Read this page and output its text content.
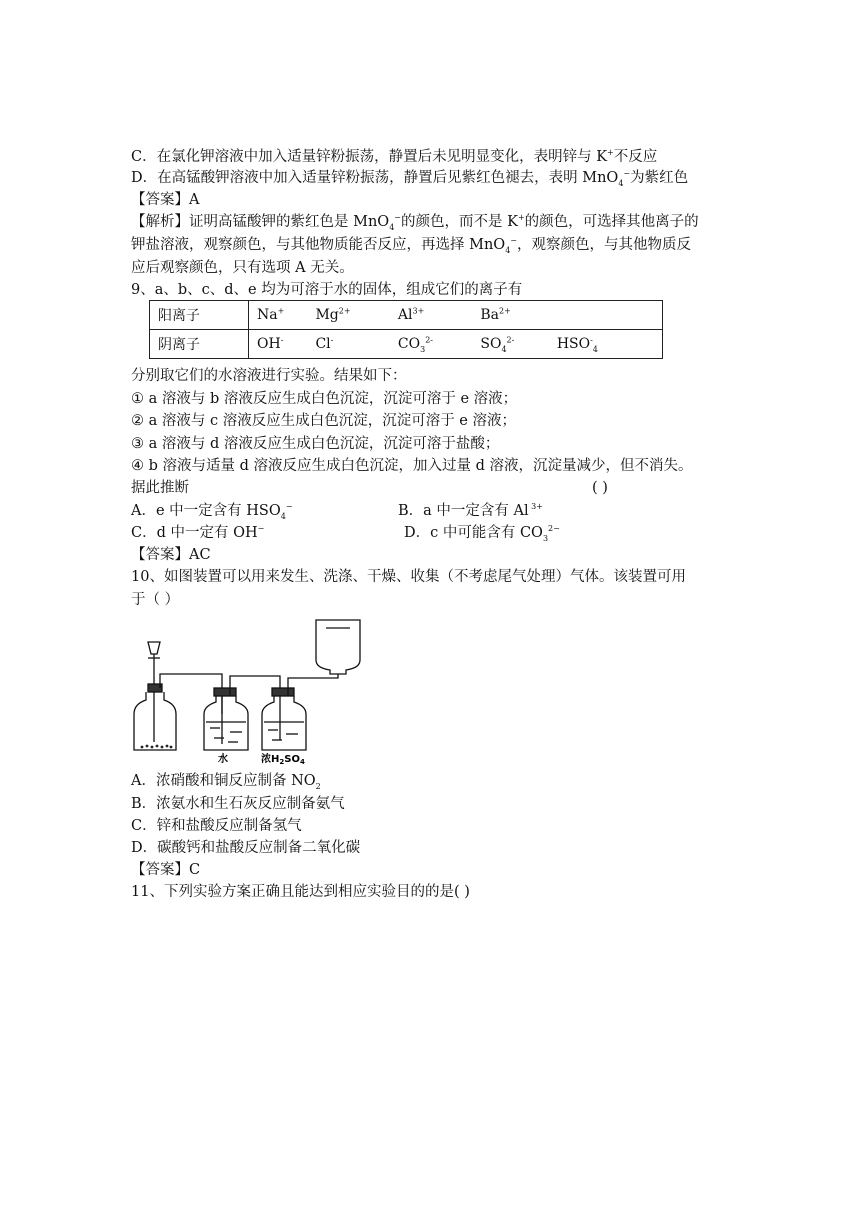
C．在氯化钾溶液中加入适量锌粉振荡，静置后未见明显变化，表明锌与 K+不反应
D．在高锰酸钾溶液中加入适量锌粉振荡，静置后见紫红色褪去，表明 MnO$_4$−为紫红色
【答案】A
【解析】证明高锰酸钾的紫红色是 MnO$_4$−的颜色，而不是 K+的颜色，可选择其他离子的
钾盐溶液，观察颜色，与其他物质能否反应，再选择 MnO$_4$−，观察颜色，与其他物质反
应后观察颜色，只有选项 A 无关。
9、a、b、c、d、e 均为可溶于水的固体，组成它们的离子有
阳离子	Na+ $Mg^{2+}$ $Al^{3+}$ $Ba^{2+}$
阴离子	OH- Cl- $CO_3^{2-}$ $SO_4^{2-}$ $HSO^-_4$
分别取它们的水溶液进行实验。结果如下：
① a 溶液与 b 溶液反应生成白色沉淀，沉淀可溶于 e 溶液；
② a 溶液与 c 溶液反应生成白色沉淀，沉淀可溶于 e 溶液；
③ a 溶液与 d 溶液反应生成白色沉淀，沉淀可溶于盐酸；
④ b 溶液与适量 d 溶液反应生成白色沉淀，加入过量 d 溶液，沉淀量减少，但不消失。
据此推断	( )
A．e 中一定含有 $HSO_4^-$	B．a 中一定含有 Al $^{3+}$
C．d 中一定有 OH−	D．c 中可能含有 $CO_3^{2-}$
【答案】AC
10、如图装置可以用来发生、洗涤、干燥、收集（不考虑尾气处理）气体。该装置可用
于（ ）
水	浓$H_2SO_4$
A．浓硝酸和铜反应制备 $NO_2$
B．浓氨水和生石灰反应制备氨气
C．锌和盐酸反应制备氢气
D．碳酸钙和盐酸反应制备二氧化碳
【答案】C
11、下列实验方案正确且能达到相应实验目的的是( )
